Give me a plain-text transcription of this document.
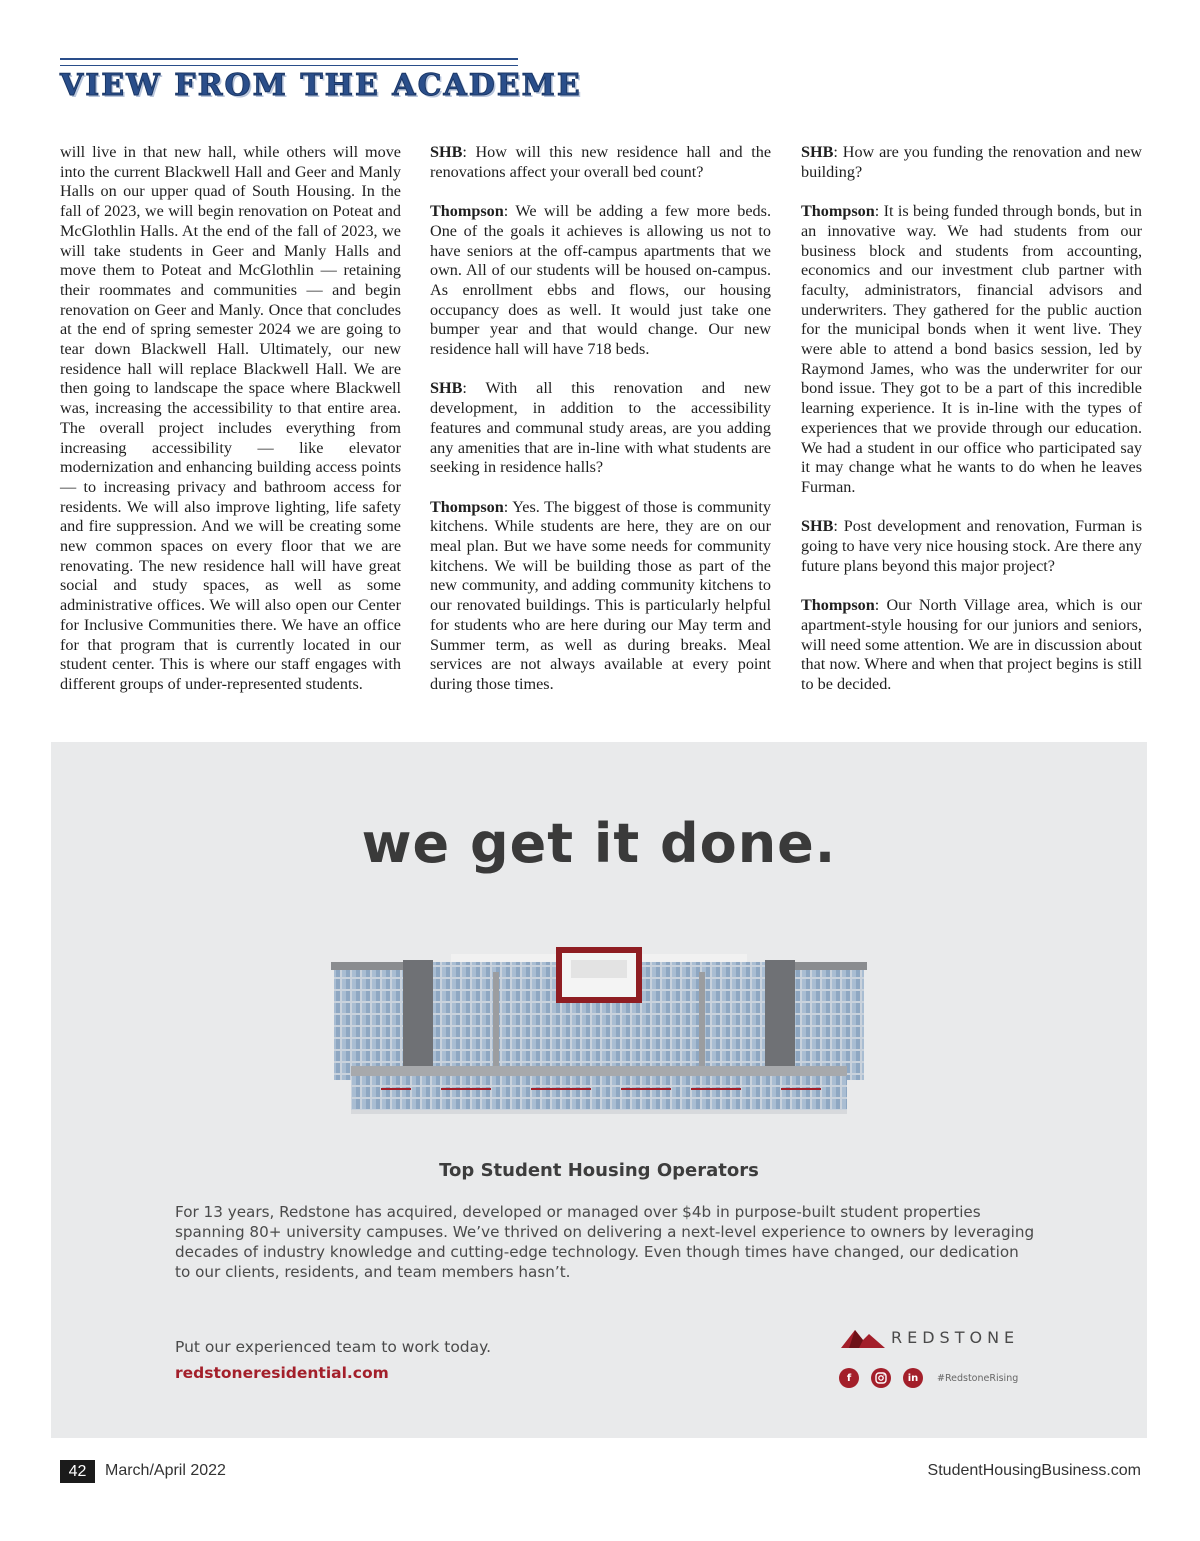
VIEW FROM THE ACADEME

will live in that new hall, while others will move into the current Blackwell Hall and Geer and Manly Halls on our upper quad of South Housing. In the fall of 2023, we will begin renovation on Poteat and McGlothlin Halls. At the end of the fall of 2023, we will take students in Geer and Manly Halls and move them to Poteat and McGlothlin — retaining their roommates and communities — and begin renovation on Geer and Manly. Once that concludes at the end of spring semester 2024 we are going to tear down Blackwell Hall. Ultimately, our new residence hall will replace Blackwell Hall. We are then going to landscape the space where Blackwell was, increasing the accessibility to that entire area. The overall project includes everything from increasing accessibility — like elevator modernization and enhancing building access points — to increasing privacy and bathroom access for residents. We will also improve lighting, life safety and fire suppression. And we will be creating some new common spaces on every floor that we are renovating. The new residence hall will have great social and study spaces, as well as some administrative offices. We will also open our Center for Inclusive Communities there. We have an office for that program that is currently located in our student center. This is where our staff engages with different groups of under-represented students.

SHB: How will this new residence hall and the renovations affect your overall bed count?

Thompson: We will be adding a few more beds. One of the goals it achieves is allowing us not to have seniors at the off-campus apartments that we own. All of our students will be housed on-campus. As enrollment ebbs and flows, our housing occupancy does as well. It would just take one bumper year and that would change. Our new residence hall will have 718 beds.

SHB: With all this renovation and new development, in addition to the accessibility features and communal study areas, are you adding any amenities that are in-line with what students are seeking in residence halls?

Thompson: Yes. The biggest of those is community kitchens. While students are here, they are on our meal plan. But we have some needs for community kitchens. We will be building those as part of the new community, and adding community kitchens to our renovated buildings. This is particularly helpful for students who are here during our May term and Summer term, as well as during breaks. Meal services are not always available at every point during those times.

SHB: How are you funding the renovation and new building?

Thompson: It is being funded through bonds, but in an innovative way. We had students from our business block and students from accounting, economics and our investment club partner with faculty, administrators, financial advisors and underwriters. They gathered for the public auction for the municipal bonds when it went live. They were able to attend a bond basics session, led by Raymond James, who was the underwriter for our bond issue. They got to be a part of this incredible learning experience. It is in-line with the types of experiences that we provide through our education. We had a student in our office who participated say it may change what he wants to do when he leaves Furman.

SHB: Post development and renovation, Furman is going to have very nice housing stock. Are there any future plans beyond this major project?

Thompson: Our North Village area, which is our apartment-style housing for our juniors and seniors, will need some attention. We are in discussion about that now. Where and when that project begins is still to be decided.

we get it done.
Top Student Housing Operators
For 13 years, Redstone has acquired, developed or managed over $4b in purpose-built student properties spanning 80+ university campuses. We’ve thrived on delivering a next-level experience to owners by leveraging decades of industry knowledge and cutting-edge technology. Even though times have changed, our dedication to our clients, residents, and team members hasn’t.
Put our experienced team to work today.
redstoneresidential.com
REDSTONE
f	in	#RedstoneRising
42	March/April 2022	StudentHousingBusiness.com
